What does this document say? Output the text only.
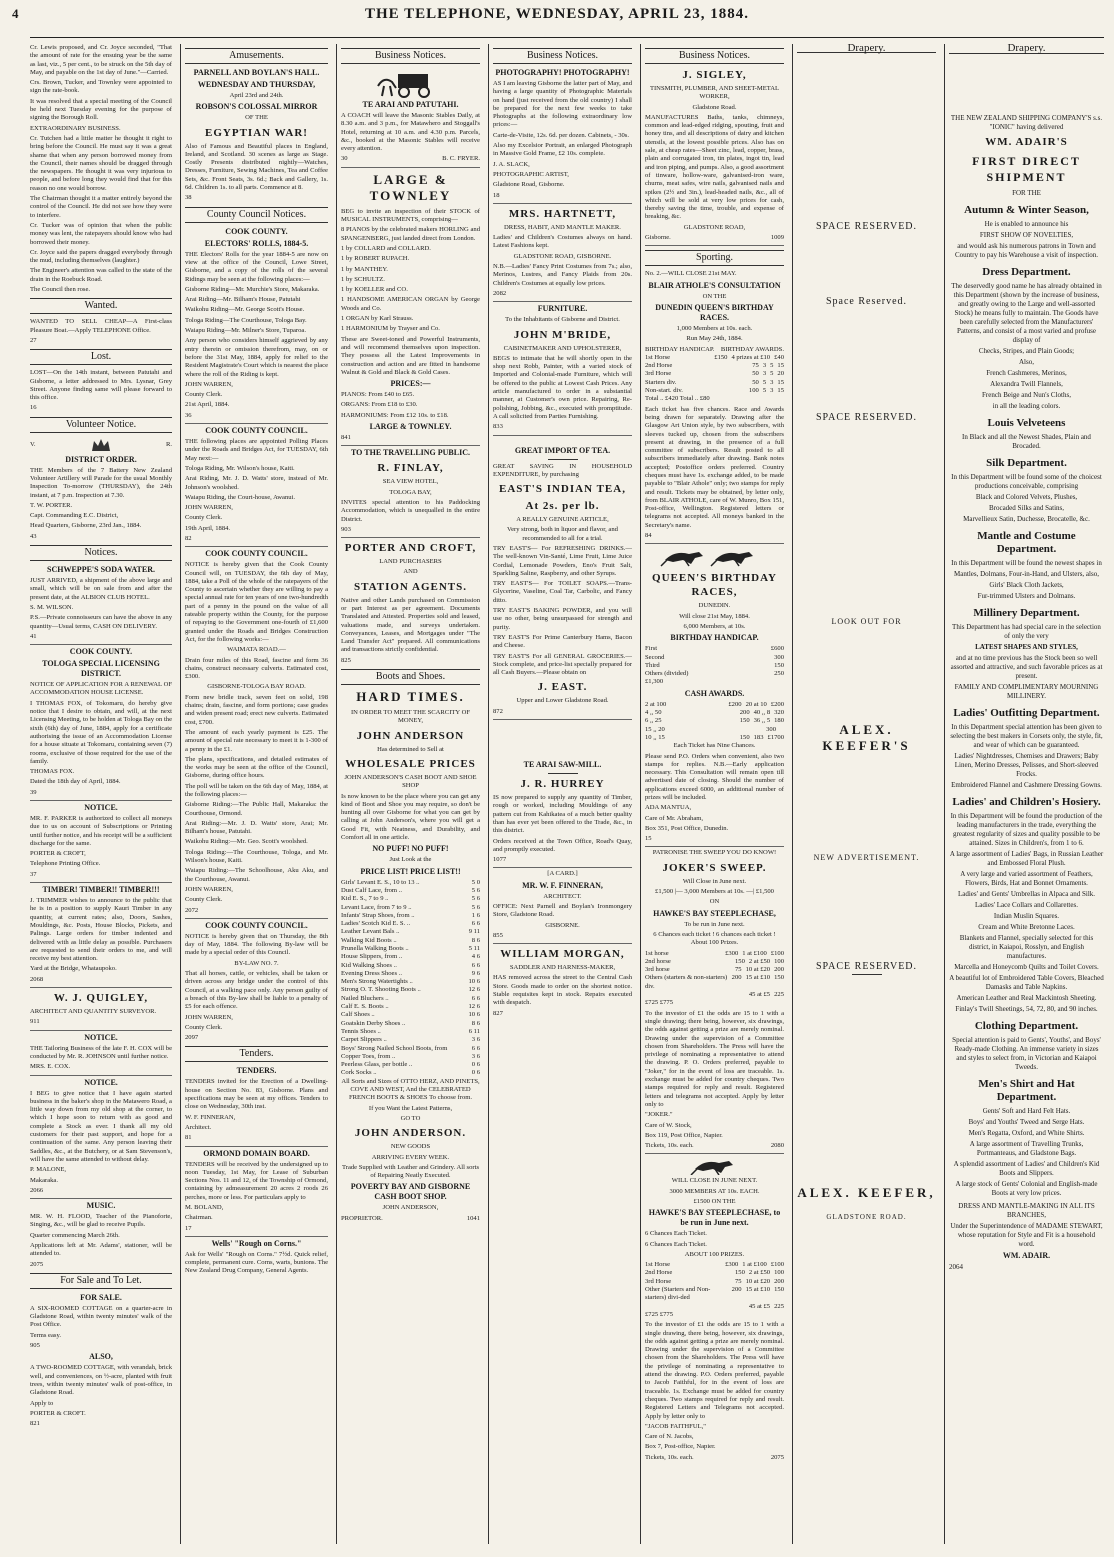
4	THE TELEPHONE, WEDNESDAY, APRIL 23, 1884.

Cr. Lewis proposed, and Cr. Joyce seconded, "That the amount of rate for the ensuing year be the same as last, viz., 5 per cent., to be struck on the 5th day of May, and payable on the 1st day of June."—Carried.

Crs. Brown, Tucker, and Townley were appointed to sign the rate-book.

It was resolved that a special meeting of the Council be held next Tuesday evening for the purpose of signing the Borough Roll.

EXTRAORDINARY BUSINESS.

Cr. Tutchen had a little matter he thought it right to bring before the Council. He must say it was a great shame that when any person borrowed money from the Council, their names should be dragged through the newspapers. He thought it was very injurious to people, and before long they would find that for this reason no one would borrow.

The Chairman thought it a matter entirely beyond the control of the Council. He did not see how they were to interfere.

Cr. Tucker was of opinion that when the public money was lent, the ratepayers should know who had borrowed their money.

Cr. Joyce said the papers dragged everybody through the mud, including themselves (laughter.)

The Engineer's attention was called to the state of the drain in the Roebuck Road.

The Council then rose.

Wanted.

WANTED TO SELL CHEAP—A First-class Pleasure Boat.—Apply TELEPHONE Office.

27

Lost.

LOST—On the 14th instant, between Patutahi and Gisborne, a letter addressed to Mrs. Lysnar, Grey Street. Anyone finding same will please forward to this office.

16

Volunteer Notice.
V.	R.
DISTRICT ORDER.

THE Members of the 7 Battery New Zealand Volunteer Artillery will Parade for the usual Monthly Inspection To-morrow (THURSDAY), the 24th instant, at 7 p.m. Inspection at 7.30.

T. W. PORTER.

Capt. Commanding E.C. District,

Head Quarters, Gisborne, 23rd Jan., 1884.

43

Notices.
SCHWEPPE'S SODA WATER.

JUST ARRIVED, a shipment of the above large and small, which will be on sale from and after the present date, at the ALBION CLUB HOTEL.

S. M. WILSON.

P.S.—Private connoisseurs can have the above in any quantity—Usual terms, CASH ON DELIVERY.

41

COOK COUNTY.
TOLOGA SPECIAL LICENSING DISTRICT.

NOTICE OF APPLICATION FOR A RENEWAL OF ACCOMMODATION HOUSE LICENSE.

I THOMAS FOX, of Tokomaru, do hereby give notice that I desire to obtain, and will, at the next Licensing Meeting, to be holden at Tologa Bay on the sixth (6th) day of June, 1884, apply for a certificate authorising the issue of an Accommodation License for a house situate at Tokomaru, containing seven (7) rooms, exclusive of those required for the use of the family.

THOMAS FOX.

Dated the 18th day of April, 1884.

39

NOTICE.

MR. F. PARKER is authorized to collect all moneys due to us on account of Subscriptions or Printing until further notice, and his receipt will be a sufficient discharge for the same.

PORTER & CROFT,

Telephone Printing Office.

37

TIMBER! TIMBER!! TIMBER!!!

J. TRIMMER wishes to announce to the public that he is in a position to supply Kauri Timber in any quantity, at current rates; also, Doors, Sashes, Mouldings, &c. Posts, House Blocks, Pickets, and Palings. Large orders for timber indented and delivered with as little delay as possible. Purchasers are requested to send their orders to me, and will receive my best attention.

Yard at the Bridge, Whataupoko.

2068

W. J. QUIGLEY,

ARCHITECT AND QUANTITY SURVEYOR.

911

NOTICE.

THE Tailoring Business of the late F. H. COX will be conducted by Mr. R. JOHNSON until further notice.

MRS. E. COX.

NOTICE.

I BEG to give notice that I have again started business in the baker's shop in the Matawero Road, a little way down from my old shop at the corner, to which I hope soon to return with as good and complete a Stock as ever. I thank all my old customers for their past support, and hope for a continuation of the same. Any person leaving their Saddles, &c., at the Butchery, or at Sam Stevenson's, will have the same attended to without delay.

P. MALONE,

Makaraka.

2066

MUSIC.

MR. W. H. FLOOD, Teacher of the Pianoforte, Singing, &c., will be glad to receive Pupils.

Quarter commencing March 26th.

Applications left at Mr. Adams', stationer, will be attended to.

2075

For Sale and To Let.
FOR SALE.

A SIX-ROOMED COTTAGE on a quarter-acre in Gladstone Road, within twenty minutes' walk of the Post Office.

Terms easy.

905

ALSO,

A TWO-ROOMED COTTAGE, with verandah, brick well, and conveniences, on ½-acre, planted with fruit trees, within twenty minutes' walk of post-office, in Gladstone Road.

Apply to

PORTER & CROFT.

821

Amusements.
PARNELL AND BOYLAN'S HALL.
WEDNESDAY AND THURSDAY,

April 23rd and 24th.

ROBSON'S COLOSSAL MIRROR

OF THE

EGYPTIAN WAR!

Also of Famous and Beautiful places in England, Ireland, and Scotland. 30 scenes as large as Stage. Costly Presents distributed nightly—Watches, Dresses, Furniture, Sewing Machines, Tea and Coffee Sets, &c. Front Seats, 3s. 6d.; Back and Gallery, 1s. 6d. Children 1s. to all parts. Commence at 8.

38

County Council Notices.
COOK COUNTY.
ELECTORS' ROLLS, 1884-5.

THE Electors' Rolls for the year 1884-5 are now on view at the office of the Council, Lowe Street, Gisborne, and a copy of the rolls of the several Ridings may be seen at the following places:—

Gisborne Riding—Mr. Murchie's Store, Makaraka.

Arai Riding—Mr. Bilham's House, Patutahi

Waikohu Riding—Mr. George Scott's House.

Tologa Riding—The Courthouse, Tologa Bay.

Waiapu Riding—Mr. Milner's Store, Tuparoa.

Any person who considers himself aggrieved by any entry therein or omission therefrom, may, on or before the 31st May, 1884, apply for relief to the Resident Magistrate's Court which is nearest the place where the roll of the Riding is kept.

JOHN WARREN,

County Clerk.

21st April, 1884.

36

COOK COUNTY COUNCIL.

THE following places are appointed Polling Places under the Roads and Bridges Act, for TUESDAY, 6th May next:—

Tologa Riding, Mr. Wilson's house, Kaiti.

Arai Riding, Mr. J. D. Watts' store, instead of Mr. Johnson's woolshed.

Waiapu Riding, the Court-house, Awanui.

JOHN WARREN,

County Clerk.

19th April, 1884.

82

COOK COUNTY COUNCIL.

NOTICE is hereby given that the Cook County Council will, on TUESDAY, the 6th day of May, 1884, take a Poll of the whole of the ratepayers of the County to ascertain whether they are willing to pay a special annual rate for ten years of one two-hundredth part of a penny in the pound on the value of all rateable property within the County, for the purpose of repaying to the Government one-fourth of £1,600 granted under the Roads and Bridges Construction Act, for the following works:—

WAIMATA ROAD.—

Drain four miles of this Road, fascine and form 36 chains, construct necessary culverts. Estimated cost, £300.

GISBORNE-TOLOGA BAY ROAD.

Form new bridle track, seven feet on solid, 198 chains; drain, fascine, and form portions; case grades and widen present road; erect new culverts. Estimated cost, £700.

The amount of each yearly payment is £25. The amount of special rate necessary to meet it is 1-300 of a penny in the £1.

The plans, specifications, and detailed estimates of the works may be seen at the office of the Council, Gisborne, during office hours.

The poll will be taken on the 6th day of May, 1884, at the following places:—

Gisborne Riding:—The Public Hall, Makaraka: the Courthouse, Ormond.

Arai Riding:—Mr. J. D. Watts' store, Arai; Mr. Bilham's house, Patutahi.

Waikohu Riding:—Mr. Geo. Scott's woolshed.

Tologa Riding:—The Courthouse, Tologa, and Mr. Wilson's house, Kaiti.

Waiapu Riding:—The Schoolhouse, Aku Aku, and the Courthouse, Awanui.

JOHN WARREN,

County Clerk.

2072

COOK COUNTY COUNCIL.

NOTICE is hereby given that on Thursday, the 8th day of May, 1884. The following By-law will be made by a special order of this Council.

BY-LAW NO. 7.

That all horses, cattle, or vehicles, shall be taken or driven across any bridge under the control of this Council, at a walking pace only. Any person guilty of a breach of this By-law shall be liable to a penalty of £5 for each offence.

JOHN WARREN,

County Clerk.

2097

Tenders.
TENDERS.

TENDERS invited for the Erection of a Dwelling-house on Section No. 83, Gisborne. Plans and specifications may be seen at my offices. Tenders to close on Wednesday, 30th inst.

W. F. FINNERAN,

Architect.

81

ORMOND DOMAIN BOARD.

TENDERS will be received by the undersigned up to noon Tuesday, 1st May, for Lease of Suburban Sections Nos. 11 and 12, of the Township of Ormond, containing by admeasurement 20 acres 2 roods 26 perches, more or less. For particulars apply to

M. BOLAND,

Chairman.

17

Wells' "Rough on Corns."

Ask for Wells' "Rough on Corns." 7½d. Quick relief, complete, permanent cure. Corns, warts, bunions. The New Zealand Drug Company, General Agents.

Business Notices.
TE ARAI AND PATUTAHI.

A COACH will leave the Masonic Stables Daily, at 8.30 a.m. and 3 p.m., for Matawhero and Stoggall's Hotel, returning at 10 a.m. and 4.30 p.m. Parcels, &c., booked at the Masonic Stables will receive every attention.

30	B. C. FRYER.
LARGE & TOWNLEY

BEG to invite an inspection of their STOCK of MUSICAL INSTRUMENTS, comprising—

8 PIANOS by the celebrated makers HORLING and SPANGENBERG, just landed direct from London.

1 by COLLARD and COLLARD.

1 by ROBERT RUPACH.

1 by MANTHEY.

1 by SCHULTZ.

1 by KOELLER and CO.

1 HANDSOME AMERICAN ORGAN by George Woods and Co.

1 ORGAN by Karl Strauss.

1 HARMONIUM by Trayser and Co.

These are Sweet-toned and Powerful Instruments, and will recommend themselves upon inspection. They possess all the Latest Improvements in construction and action and are fitted in handsome Walnut & Gold and Black & Gold Cases.

PRICES:—

PIANOS: From £40 to £65.

ORGANS: From £18 to £30.

HARMONIUMS: From £12 10s. to £18.

LARGE & TOWNLEY.

841

TO THE TRAVELLING PUBLIC.
R. FINLAY,

SEA VIEW HOTEL,

TOLOGA BAY,

INVITES special attention to his Paddocking Accommodation, which is unequalled in the entire District.

903

PORTER AND CROFT,

LAND PURCHASERS

AND

STATION AGENTS.

Native and other Lands purchased on Commission or part Interest as per agreement. Documents Translated and Attested. Properties sold and leased, valuations made, and surveys undertaken. Conveyances, Leases, and Mortgages under "The Land Transfer Act" prepared. All communications and transactions strictly confidential.

825

Boots and Shoes.
HARD TIMES.

IN ORDER TO MEET THE SCARCITY OF MONEY,

JOHN ANDERSON

Has determined to Sell at

WHOLESALE PRICES

JOHN ANDERSON'S CASH BOOT AND SHOE SHOP

Is now known to be the place where you can get any kind of Boot and Shoe you may require, so don't be hunting all over Gisborne for what you can get by calling at John Anderson's, where you will get a Good Fit, with Neatness, and Durability, and Comfort all in one article.

NO PUFF! NO PUFF!

Just Look at the

PRICE LIST! PRICE LIST!!
Girls' Levant E. S., 10 to 13 ..	5 0
Dust Calf Lace, from ..	5 6
Kid E. S., 7 to 9 ..	5 6
Levant Lace, from 7 to 9 ..	5 6
Infants' Strap Shoes, from ..	1 6
Ladies' Scotch Kid E. S. ..	6 6
Leather Levant Bals ..	9 11
Walking Kid Boots ..	8 6
Prunella Walking Boots ..	5 11
House Slippers, from ..	4 6
Kid Walking Shoes ..	6 6
Evening Dress Shoes ..	9 6
Men's Strong Watertights ..	10 6
Strong O. T. Shooting Boots ..	12 6
Nailed Bluchers ..	6 6
Calf E. S. Boots ..	12 6
Calf Shoes ..	10 6
Goatskin Derby Shoes ..	8 6
Tennis Shoes ..	6 11
Carpet Slippers ..	3 6
Boys' Strong Nailed School Boots, from	6 6
Copper Toes, from ..	3 6
Peerless Glass, per bottle ..	0 6
Cork Socks ..	0 6

All Sorts and Sizes of OTTO HERZ, AND PINETS, COVE AND WEST, And the CELEBRATED FRENCH BOOTS & SHOES To choose from.

If you Want the Latest Patterns,

GO TO

JOHN ANDERSON.

NEW GOODS

ARRIVING EVERY WEEK.

Trade Supplied with Leather and Grindery. All sorts of Repairing Neatly Executed.

POVERTY BAY AND GISBORNE CASH BOOT SHOP.

JOHN ANDERSON,

PROPRIETOR.	1041
Business Notices.
PHOTOGRAPHY! PHOTOGRAPHY!

AS I am leaving Gisborne the latter part of May, and having a large quantity of Photographic Materials on hand (just received from the old country) I shall be prepared for the next few weeks to take Photographs at the following extraordinary low prices:—

Carte-de-Visite, 12s. 6d. per dozen. Cabinets, - 30s.

Also my Excelsior Portrait, an enlarged Photograph in Massive Gold Frame, £2 10s. complete.

J. A. SLACK,

PHOTOGRAPHIC ARTIST,

Gladstone Road, Gisborne.

18

MRS. HARTNETT,

DRESS, HABIT, AND MANTLE MAKER.

Ladies' and Children's Costumes always on hand. Latest Fashions kept.

GLADSTONE ROAD, GISBORNE.

N.B.—Ladies' Fancy Print Costumes from 7s.; also, Merinos, Lustres, and Fancy Plaids from 20s. Children's Costumes at equally low prices.

2082

FURNITURE.

To the Inhabitants of Gisborne and District.

JOHN M'BRIDE,

CABINETMAKER AND UPHOLSTERER,

BEGS to intimate that he will shortly open in the shop next Robb, Painter, with a varied stock of Imported and Colonial-made Furniture, which will be offered to the public at Lowest Cash Prices. Any article manufactured to order in a substantial manner, at Customer's own price. Repairing, Re-polishing, Jobbing, &c., executed with promptitude. A call solicited from Parties Furnishing.

833

GREAT IMPORT OF TEA.

GREAT SAVING IN HOUSEHOLD EXPENDITURE, by purchasing

EAST'S INDIAN TEA,
At 2s. per lb.

A REALLY GENUINE ARTICLE,

Very strong, both in liquor and flavor, and recommended to all for a trial.

TRY EAST'S— For REFRESHING DRINKS.—The well-known Vin-Santé, Lime Fruit, Lime Juice Cordial, Lemonade Powders, Eno's Fruit Salt, Sparkling Saline, Raspberry, and other Syrups.

TRY EAST'S— For TOILET SOAPS.—Trans-Glycerine, Vaseline, Coal Tar, Carbolic, and Fancy ditto.

TRY EAST'S BAKING POWDER, and you will use no other, being unsurpassed for strength and purity.

TRY EAST'S For Prime Canterbury Hams, Bacon and Cheese.

TRY EAST'S For all GENERAL GROCERIES.—Stock complete, and price-list specially prepared for all Cash Buyers.—Please obtain on

J. EAST.

Upper and Lower Gladstone Road.

872

TE ARAI SAW-MILL.
J. R. HURREY

IS now prepared to supply any quantity of Timber, rough or worked, including Mouldings of any pattern cut from Kahikatea of a much better quality than has ever yet been offered to the Trade, &c., in this district.

Orders received at the Town Office, Road's Quay, and promptly executed.

1077

[A CARD.]

MR. W. F. FINNERAN,

ARCHITECT.

OFFICE: Next Parnell and Boylan's Ironmongery Store, Gladstone Road.

GISBORNE.

855

WILLIAM MORGAN,

SADDLER AND HARNESS-MAKER,

HAS removed across the street to the Central Cash Store. Goods made to order on the shortest notice. Stable requisites kept in stock. Repairs executed with despatch.

827

Business Notices.
J. SIGLEY,

TINSMITH, PLUMBER, AND SHEET-METAL WORKER,

Gladstone Road.

MANUFACTURES Baths, tanks, chimneys, common and lead-edged ridging, spouting, fruit and honey tins, and all descriptions of dairy and kitchen utensils, at the lowest possible prices. Also has on sale, at cheap rates—Sheet zinc, lead, copper, brass, plain and corrugated iron, tin plates, ingot tin, lead and iron piping, and pumps. Also, a good assortment of tinware, hollow-ware, galvanised-iron ware, churns, meat safes, wire nails, galvanised nails and spikes (2½ and 3in.), lead-headed nails, &c., all of which will be sold at very low prices for cash, thereby saving the time, trouble, and expense of breaking, &c.

GLADSTONE ROAD,

Gisborne.	1009
Sporting.

No. 2.—WILL CLOSE 21st MAY.

BLAIR ATHOLE'S CONSULTATION

ON THE

DUNEDIN QUEEN'S BIRTHDAY RACES.

1,000 Members at 10s. each.

Run May 24th, 1884.

BIRTHDAY HANDICAP. BIRTHDAY AWARDS.
1st Horse	£150 4 prizes at £10 £40
2nd Horse	75 3 5 15
3rd Horse	50 3 5 20
Starters div.	50 5 3 15
Non-start. div.	100 5 3 15

Total .. £420 Total .. £80

Each ticket has five chances. Race and Awards being drawn for separately. Drawing after the Glasgow Art Union style, by two subscribers, with sleeves tucked up, chosen from the subscribers present at drawing, in the presence of a full committee of subscribers. Result posted to all subscribers immediately after drawing. Bank notes accepted; Postoffice orders preferred. Country cheques must have 1s. exchange added, to be made payable to "Blair Athole" only; two stamps for reply and result. Tickets may be obtained, by letter only, from BLAIR ATHOLE, care of W. Munro, Box 151, Post-office, Wellington. Registered letters or telegrams not accepted. All moneys banked in the Secretary's name.

84

QUEEN'S BIRTHDAY RACES,

DUNEDIN.

Will close 21st May, 1884.

6,000 Members, at 10s.

BIRTHDAY HANDICAP.
First	£600
Second	300
Third	150
Others (divided)	250

£1,300

CASH AWARDS.
2 at 100	£200 20 at 10 £200
4 ,, 50	200 40 ,, 8 320
6 ,, 25	150 36 ,, 5 180
15 ,, 20	300
10 ,, 15	150 183 £1700

Each Ticket has Nine Chances.

Please send P.O. Orders when convenient, also two stamps for replies. N.B.—Early application necessary. This Consultation will remain open till advertised date of closing. Should the number of applications exceed 6000, an additional number of prizes will be included.

ADA MANTUA,

Care of Mr. Abraham,

Box 351, Post Office, Dunedin.

15

PATRONISE THE SWEEP YOU DO KNOW!

JOKER'S SWEEP.

Will Close in June next.

£1,500 |— 3,000 Members at 10s. —| £1,500

ON

HAWKE'S BAY STEEPLECHASE,

To be run in June next.

6 Chances each ticket ! 6 chances each ticket ! About 100 Prizes.

1st horse	£300 1 at £100 £100
2nd horse	150 2 at £50 100
3rd horse	75 10 at £20 200
Others (starters & non-starters) div.
200 15 at £10 150
45 at £5 225

£725 £775

To the investor of £1 the odds are 15 to 1 with a single drawing; there being, however, six drawings, the odds against getting a prize are merely nominal. Drawing under the supervision of a Committee chosen from Shareholders. The Press will have the privilege of nominating a representative to attend the drawing. P. O. Orders preferred, payable to "Joker," for in the event of loss are traceable. 1s. exchange must be added for country cheques. Two stamps required for reply and result. Registered letters and telegrams not accepted. Apply by letter only to

"JOKER."

Care of W. Stock,

Box 119, Post Office, Napier.

Tickets, 10s. each.	2080

WILL CLOSE IN JUNE NEXT.

3000 MEMBERS AT 10s. EACH.

£1500 ON THE

HAWKE'S BAY STEEPLECHASE, to be run in June next.

6 Chances Each Ticket.

6 Chances Each Ticket.

ABOUT 100 PRIZES.

1st Horse	£300 1 at £100 £100
2nd Horse	150 2 at £50 100
3rd Horse	75 10 at £20 200
Other (Starters and Non-starters) divi-ded
200 15 at £10 150
45 at £5 225

£725 £775

To the investor of £1 the odds are 15 to 1 with a single drawing, there being, however, six drawings, the odds against getting a prize are merely nominal. Drawing under the supervision of a Committee chosen from the Shareholders. The Press will have the privilege of nominating a representative to attend the drawing. P.O. Orders preferred, payable to Jacob Faithful, for in the event of loss are traceable. 1s. Exchange must be added for country cheques. Two stamps required for reply and result. Registered Letters and Telegrams not accepted. Apply by letter only to

"JACOB FAITHFUL,"

Care of N. Jacobs,

Box 7, Post-office, Napier.

Tickets, 10s. each.	2075
Drapery.
SPACE RESERVED.
Space Reserved.
SPACE RESERVED.
LOOK OUT FOR
ALEX. KEEFER'S
NEW ADVERTISEMENT.
SPACE RESERVED.
ALEX. KEEFER,
GLADSTONE ROAD.
Drapery.

THE NEW ZEALAND SHIPPING COMPANY'S s.s. "IONIC" having delivered

WM. ADAIR'S
FIRST DIRECT SHIPMENT

FOR THE

Autumn & Winter Season,

He is enabled to announce his

FIRST SHOW OF NOVELTIES,

and would ask his numerous patrons in Town and Country to pay his Warehouse a visit of inspection.

Dress Department.

The deservedly good name he has already obtained in this Department (shown by the increase of business, and greatly owing to the Large and well-assorted Stock) he means fully to maintain. The Goods have been carefully selected from the Manufacturers' Patterns, and consist of a most varied and profuse display of

Checks, Stripes, and Plain Goods;

Also,

French Cashmeres, Merinos,

Alexandra Twill Flannels,

French Beige and Nun's Cloths,

in all the leading colors.

Louis Velveteens

In Black and all the Newest Shades, Plain and Brocaded.

Silk Department.

In this Department will be found some of the choicest productions conceivable, comprising

Black and Colored Velvets, Plushes,

Brocaded Silks and Satins,

Marvellieux Satin, Duchesse, Brocatelle, &c.

Mantle and Costume Department.

In this Department will be found the newest shapes in

Mantles, Dolmans, Four-in-Hand, and Ulsters, also,

Girls' Black Cloth Jackets,

Fur-trimmed Ulsters and Dolmans.

Millinery Department.

This Department has had special care in the selection of only the very

LATEST SHAPES AND STYLES,

and at no time previous has the Stock been so well assorted and attractive, and such favorable prices as at present.

FAMILY AND COMPLIMENTARY MOURNING MILLINERY.

Ladies' Outfitting Department.

In this Department special attention has been given to selecting the best makers in Corsets only, the style, fit, and wear of which can be guaranteed.

Ladies' Nightdresses, Chemises and Drawers; Baby Linen, Merino Dresses, Pelisses, and Short-sleeved Frocks.

Embroidered Flannel and Cashmere Dressing Gowns.

Ladies' and Children's Hosiery.

In this Department will be found the production of the leading manufacturers in the trade, everything the greatest regularity of sizes and quality possible to be attained. Sizes in Children's, from 1 to 6.

A large assortment of Ladies' Bags, in Russian Leather and Embossed Floral Plush.

A very large and varied assortment of Feathers, Flowers, Birds, Hat and Bonnet Ornaments.

Ladies' and Gents' Umbrellas in Alpaca and Silk.

Ladies' Lace Collars and Collarettes.

Indian Muslin Squares.

Cream and White Bretonne Laces.

Blankets and Flannel, specially selected for this district, in Kaiapoi, Rosslyn, and English manufactures.

Marcella and Honeycomb Quilts and Toilet Covers.

A beautiful lot of Embroidered Table Covers, Bleached Damasks and Table Napkins.

American Leather and Real Mackintosh Sheeting.

Finlay's Twill Sheetings, 54, 72, 80, and 90 inches.

Clothing Department.

Special attention is paid to Gents', Youths', and Boys' Ready-made Clothing. An immense variety in sizes and styles to select from, in Victorian and Kaiapoi Tweeds.

Men's Shirt and Hat Department.

Gents' Soft and Hard Felt Hats.

Boys' and Youths' Tweed and Serge Hats.

Men's Regatta, Oxford, and White Shirts.

A large assortment of Travelling Trunks, Portmanteaus, and Gladstone Bags.

A splendid assortment of Ladies' and Children's Kid Boots and Slippers.

A large stock of Gents' Colonial and English-made Boots at very low prices.

DRESS AND MANTLE-MAKING IN ALL ITS BRANCHES,

Under the Superintendence of MADAME STEWART, whose reputation for Style and Fit is a household word.

WM. ADAIR.

2064
